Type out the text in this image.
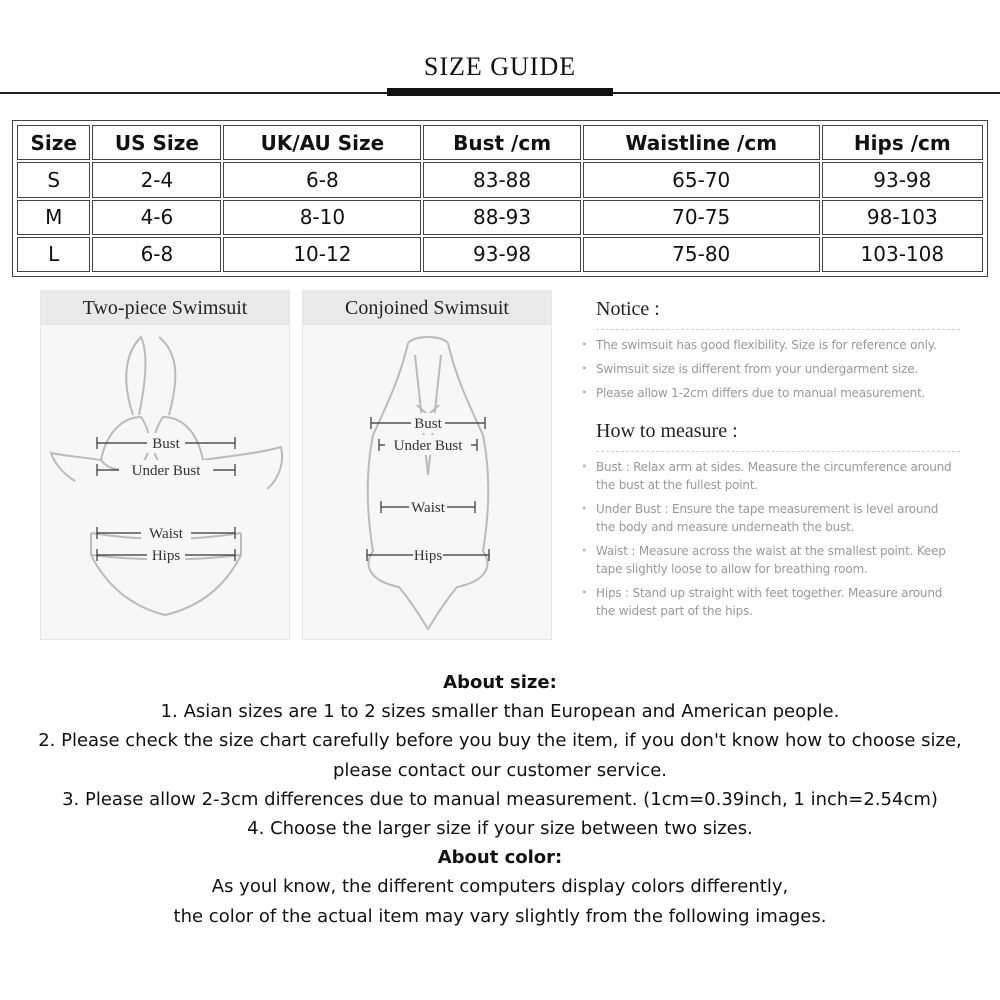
SIZE GUIDE
Size	US Size	UK/AU Size	Bust /cm	Waistline /cm	Hips /cm
S	2-4	6-8	83-88	65-70	93-98
M	4-6	8-10	88-93	70-75	98-103
L	6-8	10-12	93-98	75-80	103-108
Two-piece Swimsuit
Bust
Under Bust
Waist
Hips
Conjoined Swimsuit
Bust
Under Bust
Waist
Hips
Notice :
• The swimsuit has good flexibility. Size is for reference only.
• Swimsuit size is different from your undergarment size.
• Please allow 1-2cm differs due to manual measurement.
How to measure :
• Bust : Relax arm at sides. Measure the circumference around the bust at the fullest point.
• Under Bust : Ensure the tape measurement is level around the body and measure underneath the bust.
• Waist : Measure across the waist at the smallest point. Keep tape slightly loose to allow for breathing room.
• Hips : Stand up straight with feet together. Measure around the widest part of the hips.
About size:
1. Asian sizes are 1 to 2 sizes smaller than European and American people.
2. Please check the size chart carefully before you buy the item, if you don't know how to choose size,
please contact our customer service.
3. Please allow 2-3cm differences due to manual measurement. (1cm=0.39inch, 1 inch=2.54cm)
4. Choose the larger size if your size between two sizes.
About color:
As youl know, the different computers display colors differently,
the color of the actual item may vary slightly from the following images.
